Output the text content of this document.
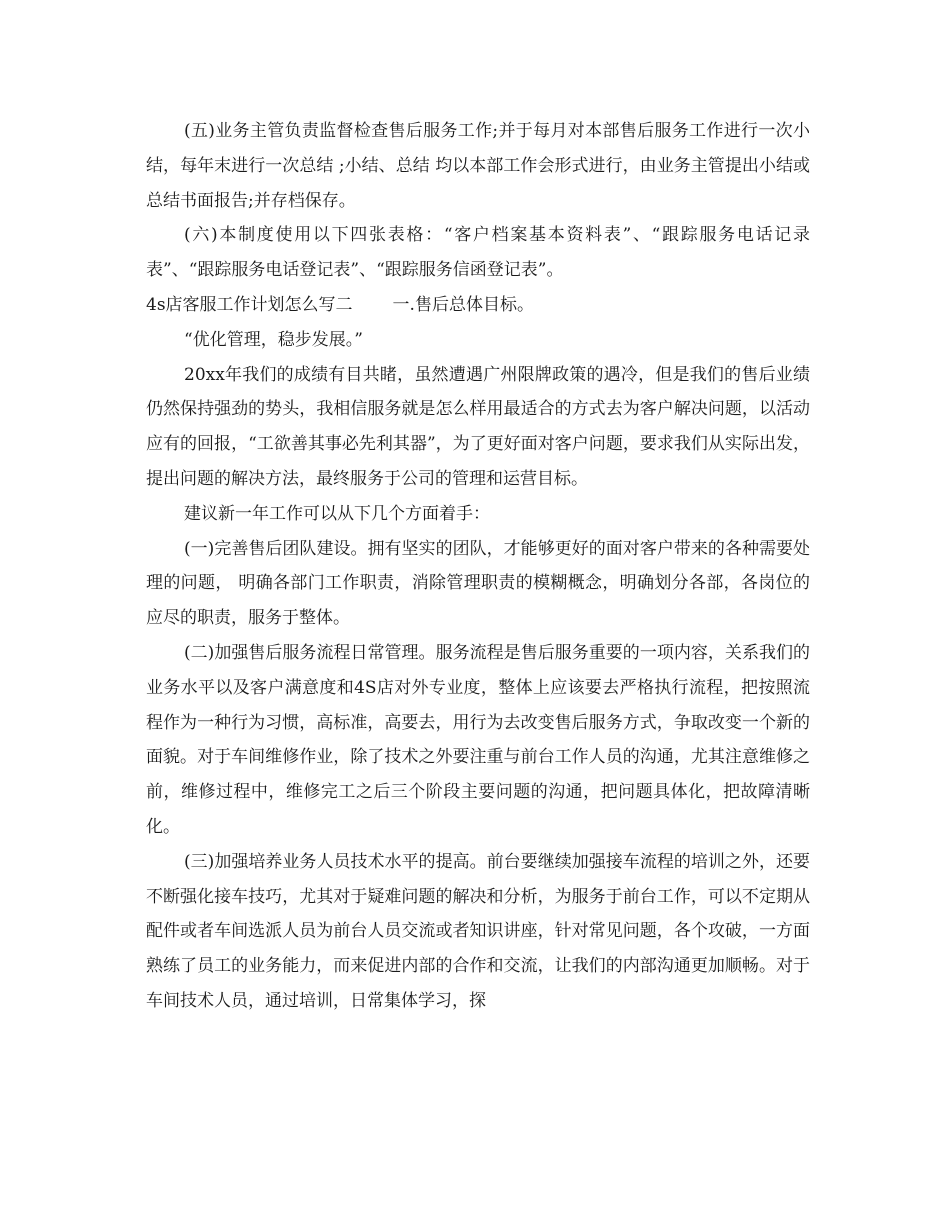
(五)业务主管负责监督检查售后服务工作;并于每月对本部售后服务工作进行一次小结，每年末进行一次总结 ;小结、总结 均以本部工作会形式进行，由业务主管提出小结或总结书面报告;并存档保存。

(六)本制度使用以下四张表格：“客户档案基本资料表”、“跟踪服务电话记录表”、“跟踪服务电话登记表”、“跟踪服务信函登记表”。

4s店客服工作计划怎么写二 一.售后总体目标。

“优化管理，稳步发展。”

20xx年我们的成绩有目共睹，虽然遭遇广州限牌政策的遇冷，但是我们的售后业绩仍然保持强劲的势头，我相信服务就是怎么样用最适合的方式去为客户解决问题，以活动应有的回报，“工欲善其事必先利其器”，为了更好面对客户问题，要求我们从实际出发，提出问题的解决方法，最终服务于公司的管理和运营目标。

建议新一年工作可以从下几个方面着手：

(一)完善售后团队建设。拥有坚实的团队，才能够更好的面对客户带来的各种需要处理的问题， 明确各部门工作职责，消除管理职责的模糊概念，明确划分各部，各岗位的应尽的职责，服务于整体。

(二)加强售后服务流程日常管理。服务流程是售后服务重要的一项内容，关系我们的业务水平以及客户满意度和4S店对外专业度，整体上应该要去严格执行流程，把按照流程作为一种行为习惯，高标准，高要去，用行为去改变售后服务方式，争取改变一个新的面貌。对于车间维修作业，除了技术之外要注重与前台工作人员的沟通，尤其注意维修之前，维修过程中，维修完工之后三个阶段主要问题的沟通，把问题具体化，把故障清晰化。

(三)加强培养业务人员技术水平的提高。前台要继续加强接车流程的培训之外，还要不断强化接车技巧，尤其对于疑难问题的解决和分析，为服务于前台工作，可以不定期从配件或者车间选派人员为前台人员交流或者知识讲座，针对常见问题，各个攻破，一方面熟练了员工的业务能力，而来促进内部的合作和交流，让我们的内部沟通更加顺畅。对于车间技术人员，通过培训，日常集体学习，探
